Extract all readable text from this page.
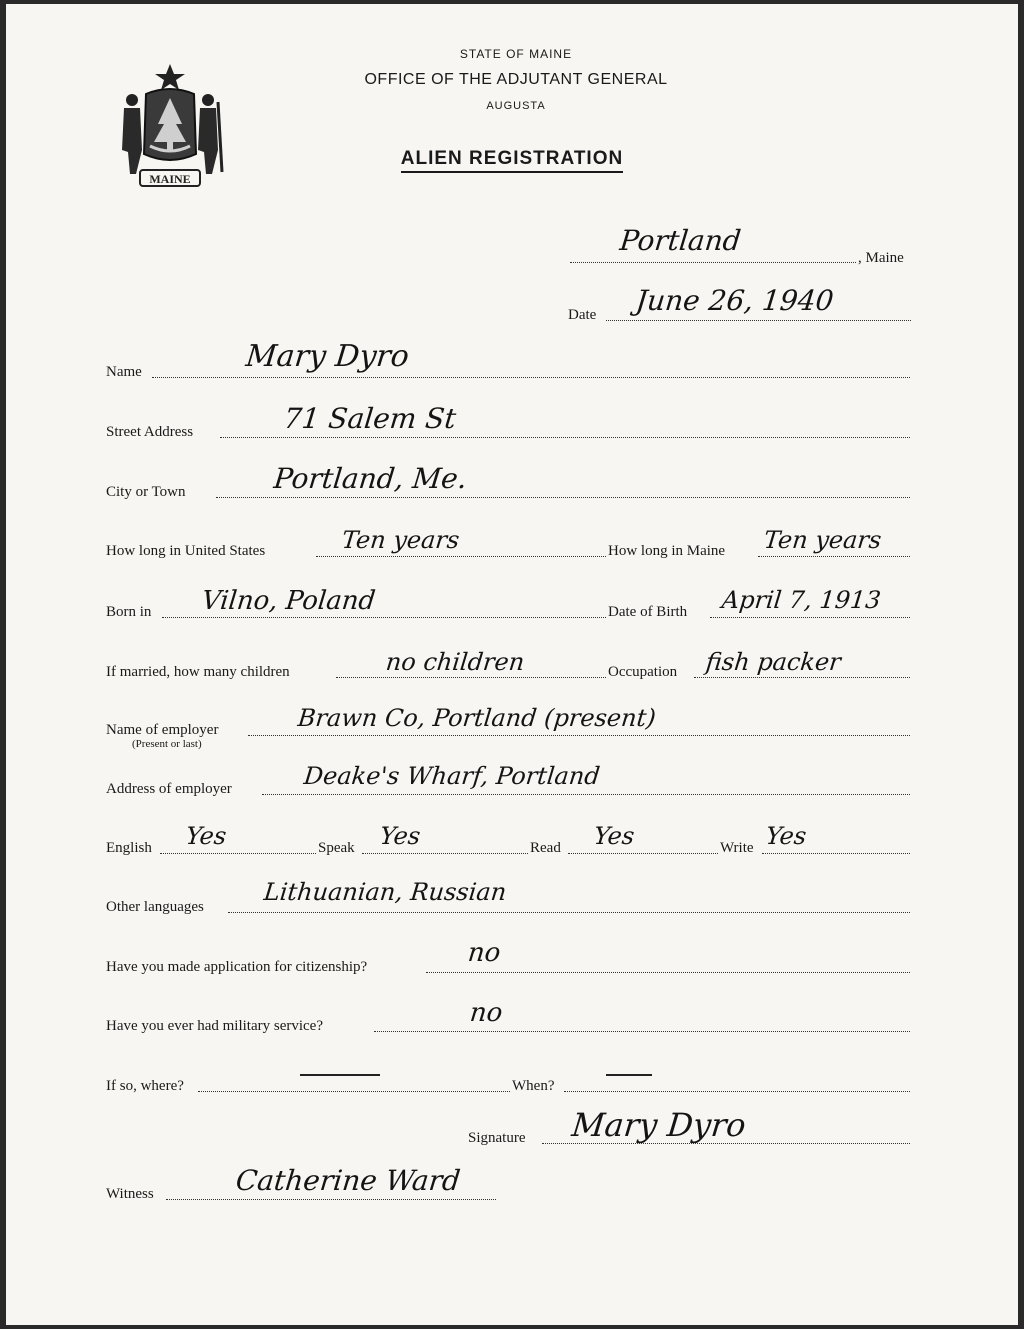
MAINE
STATE OF MAINE
OFFICE OF THE ADJUTANT GENERAL
AUGUSTA
ALIEN REGISTRATION
Portland
, Maine
Date June 26, 1940
Name	Mary Dyro
Street Address	71 Salem St
City or Town	Portland, Me.
How long in United States	Ten years	How long in Maine Ten years
Born in Vilno, Poland	Date of Birth April 7, 1913
If married, how many children	no children	Occupation fish packer
Name of employer
(Present or last)
Brawn Co, Portland (present)
Address of employer	Deake's Wharf, Portland
English Yes	Speak Yes	Read Yes	Write Yes
Other languages
Lithuanian, Russian
Have you made application for citizenship?	no
Have you ever had military service?	no
If so, where?	When?
Signature Mary Dyro
Witness	Catherine Ward
